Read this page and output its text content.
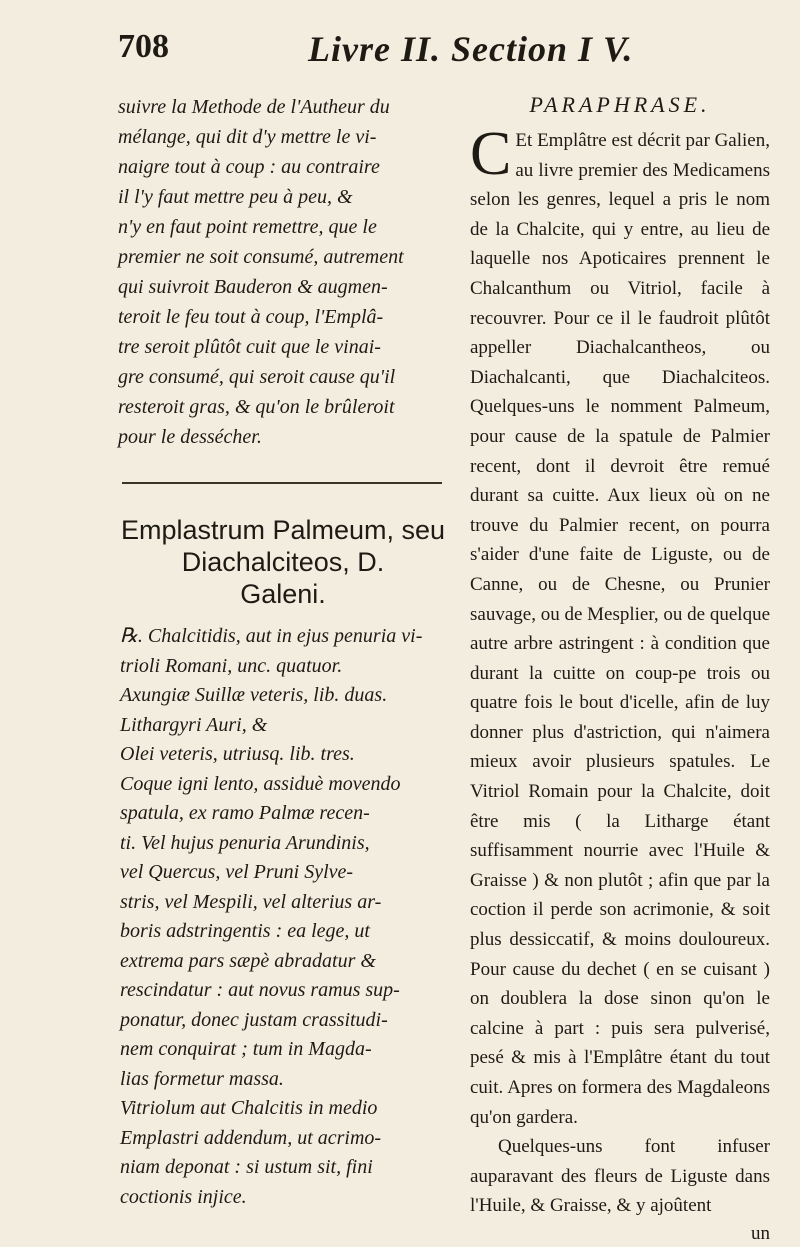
708	Livre II. Section I V.

suivre la Methode de l'Autheur du

mélange, qui dit d'y mettre le vi-

naigre tout à coup : au contraire

il l'y faut mettre peu à peu, &

n'y en faut point remettre, que le

premier ne soit consumé, autrement

qui suivroit Bauderon & augmen-

teroit le feu tout à coup, l'Emplâ-

tre seroit plûtôt cuit que le vinai-

gre consumé, qui seroit cause qu'il

resteroit gras, & qu'on le brûleroit

pour le dessécher.

Emplastrum Palmeum, seu
Diachalciteos, D.
Galeni.
℞. Chalcitidis, aut in ejus penuria vi-
trioli Romani, unc. quatuor.
Axungiæ Suillæ veteris, lib. duas.
Lithargyri Auri, &
Olei veteris, utriusq. lib. tres.
Coque igni lento, assiduè movendo
spatula, ex ramo Palmæ recen-
ti. Vel hujus penuria Arundinis,
vel Quercus, vel Pruni Sylve-
stris, vel Mespili, vel alterius ar-
boris adstringentis : ea lege, ut
extrema pars sæpè abradatur &
rescindatur : aut novus ramus sup-
ponatur, donec justam crassitudi-
nem conquirat ; tum in Magda-
lias formetur massa.
Vitriolum aut Chalcitis in medio
Emplastri addendum, ut acrimo-
niam deponat : si ustum sit, fini
coctionis injice.

PARAPHRASE.

C Et Emplâtre est décrit par Galien, au livre premier des Medicamens selon les genres, lequel a pris le nom de la Chalcite, qui y entre, au lieu de laquelle nos Apoticaires prennent le Chalcanthum ou Vitriol, facile à recouvrer. Pour ce il le faudroit plûtôt appeller Diachalcantheos, ou Diachalcanti, que Diachalciteos. Quelques-uns le nomment Palmeum, pour cause de la spatule de Palmier recent, dont il devroit être remué durant sa cuitte. Aux lieux où on ne trouve du Palmier recent, on pourra s'aider d'une faite de Liguste, ou de Canne, ou de Chesne, ou Prunier sauvage, ou de Mesplier, ou de quelque autre arbre astringent : à condition que durant la cuitte on coup-pe trois ou quatre fois le bout d'icelle, afin de luy donner plus d'astriction, qui n'aimera mieux avoir plusieurs spatules. Le Vitriol Romain pour la Chalcite, doit être mis ( la Litharge étant suffisamment nourrie avec l'Huile & Graisse ) & non plutôt ; afin que par la coction il perde son acrimonie, & soit plus dessiccatif, & moins douloureux. Pour cause du dechet ( en se cuisant ) on doublera la dose sinon qu'on le calcine à part : puis sera pulverisé, pesé & mis à l'Emplâtre étant du tout cuit. Apres on formera des Magdaleons qu'on gardera.

Quelques-uns font infuser auparavant des fleurs de Liguste dans l'Huile, & Graisse, & y ajoûtent

un
